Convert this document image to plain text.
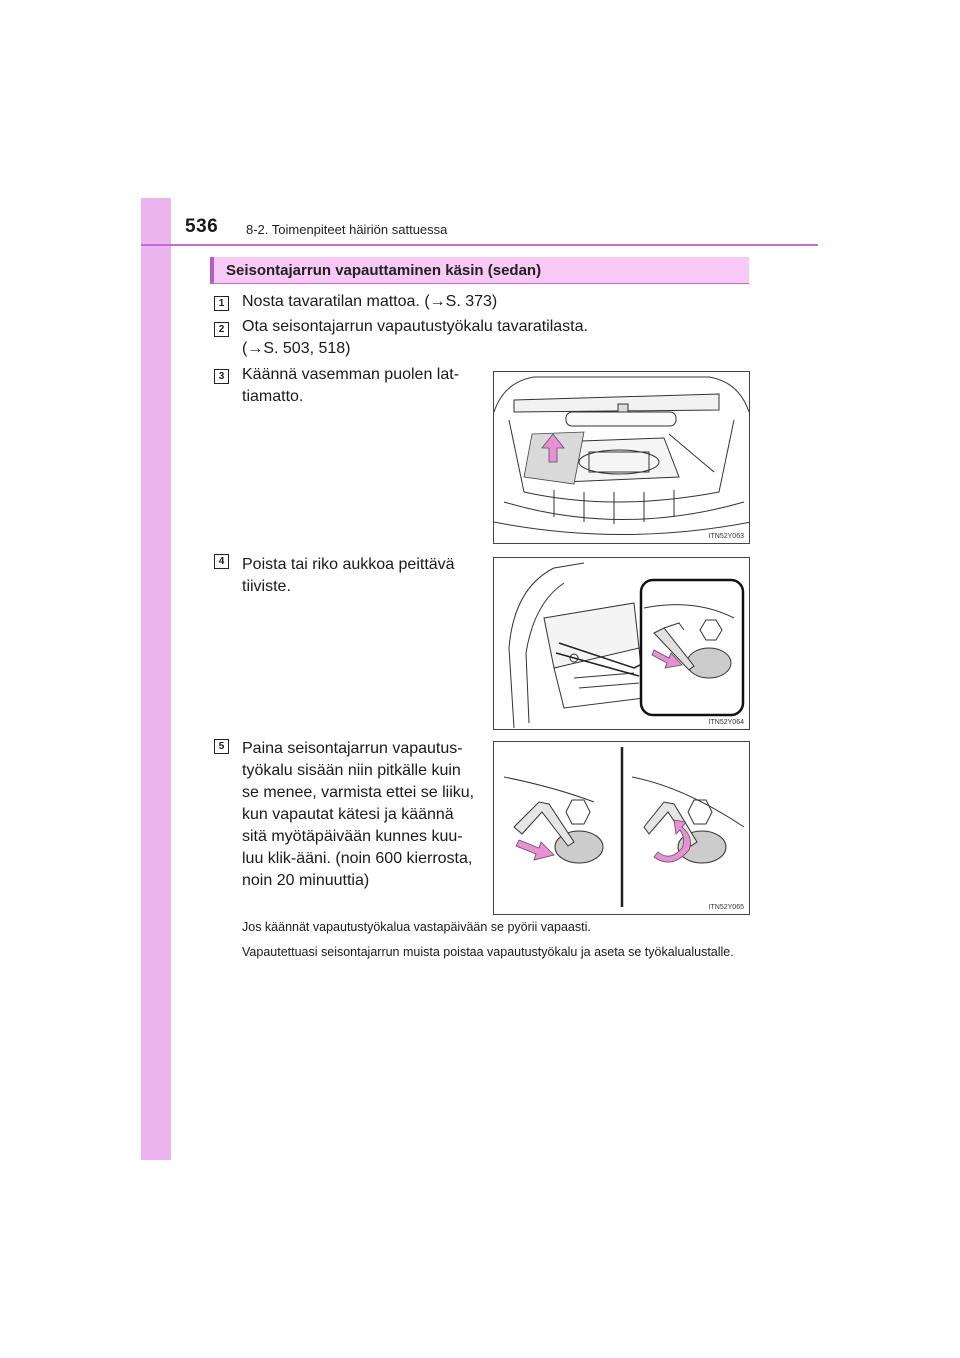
536 8-2. Toimenpiteet häiriön sattuessa
Seisontajarrun vapauttaminen käsin (sedan)
1 Nosta tavaratilan mattoa. (→S. 373)
2 Ota seisontajarrun vapautustyökalu tavaratilasta.
(→S. 503, 518)
3 Käännä vasemman puolen lat-
tiamatto.
ITN52Y063
4 Poista tai riko aukkoa peittävä
tiiviste.
ITN52Y064
5 Paina seisontajarrun vapautus-
työkalu sisään niin pitkälle kuin
se menee, varmista ettei se liiku,
kun vapautat kätesi ja käännä
sitä myötäpäivään kunnes kuu-
luu klik-ääni. (noin 600 kierrosta,
noin 20 minuuttia)
ITN52Y065
Jos käännät vapautustyökalua vastapäivään se pyörii vapaasti.
Vapautettuasi seisontajarrun muista poistaa vapautustyökalu ja aseta se työkalualustalle.
